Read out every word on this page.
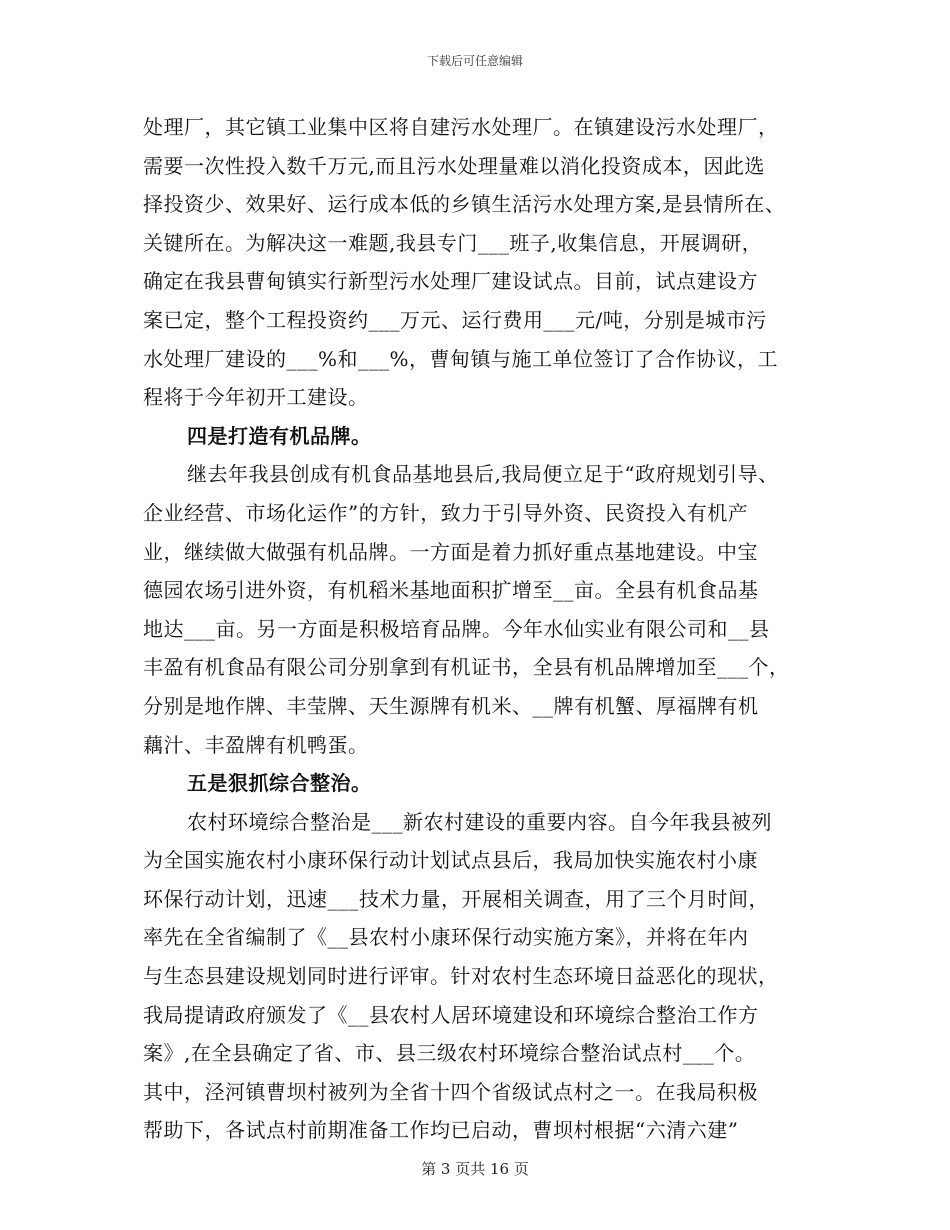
下载后可任意编辑
处理厂，其它镇工业集中区将自建污水处理厂。在镇建设污水处理厂，
需要一次性投入数千万元,而且污水处理量难以消化投资成本，因此选
择投资少、效果好、运行成本低的乡镇生活污水处理方案,是县情所在、
关键所在。为解决这一难题,我县专门___班子,收集信息，开展调研，
确定在我县曹甸镇实行新型污水处理厂建设试点。目前，试点建设方
案已定，整个工程投资约___万元、运行费用___元/吨，分别是城市污
水处理厂建设的___%和___%，曹甸镇与施工单位签订了合作协议，工
程将于今年初开工建设。
四是打造有机品牌。
继去年我县创成有机食品基地县后,我局便立足于“政府规划引导、
企业经营、市场化运作”的方针，致力于引导外资、民资投入有机产
业，继续做大做强有机品牌。一方面是着力抓好重点基地建设。中宝
德园农场引进外资，有机稻米基地面积扩增至__亩。全县有机食品基
地达___亩。另一方面是积极培育品牌。今年水仙实业有限公司和__县
丰盈有机食品有限公司分别拿到有机证书，全县有机品牌增加至___个，
分别是地作牌、丰莹牌、天生源牌有机米、__牌有机蟹、厚福牌有机
藕汁、丰盈牌有机鸭蛋。
五是狠抓综合整治。
农村环境综合整治是___新农村建设的重要内容。自今年我县被列
为全国实施农村小康环保行动计划试点县后，我局加快实施农村小康
环保行动计划，迅速___技术力量，开展相关调查，用了三个月时间，
率先在全省编制了《__县农村小康环保行动实施方案》，并将在年内
与生态县建设规划同时进行评审。针对农村生态环境日益恶化的现状，
我局提请政府颁发了《__县农村人居环境建设和环境综合整治工作方
案》,在全县确定了省、市、县三级农村环境综合整治试点村___个。
其中，泾河镇曹坝村被列为全省十四个省级试点村之一。在我局积极
帮助下，各试点村前期准备工作均已启动，曹坝村根据“六清六建”
第 3 页共 16 页
